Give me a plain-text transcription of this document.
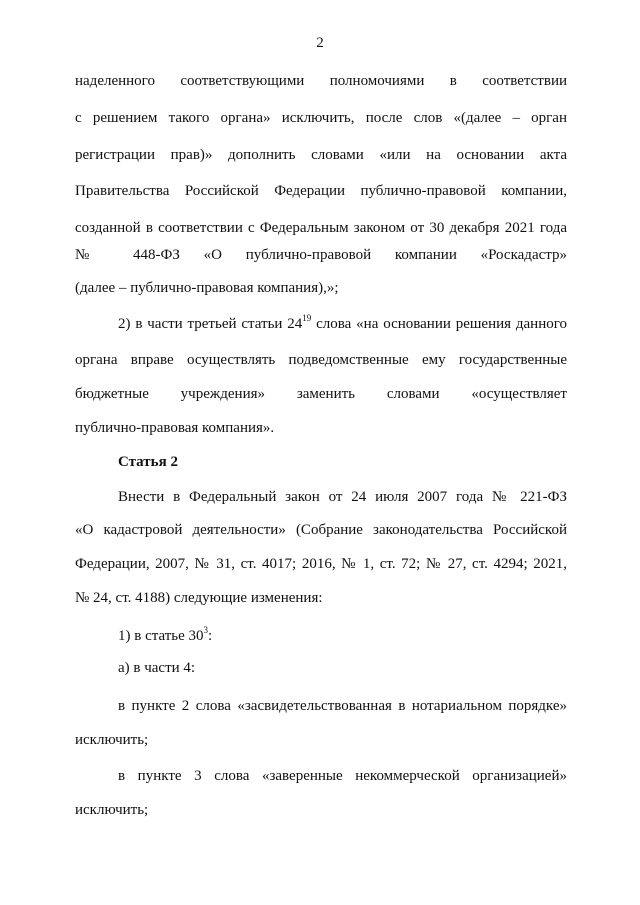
2
наделенного соответствующими полномочиями в соответствии
с решением такого органа» исключить, после слов «(далее – орган
регистрации прав)» дополнить словами «или на основании акта
Правительства Российской Федерации публично-правовой компании,
созданной в соответствии с Федеральным законом от 30 декабря 2021 года
№ 448-ФЗ «О публично-правовой компании «Роскадастр»
(далее – публично-правовая компания),»;
2) в части третьей статьи $24^{19}$ слова «на основании решения данного
органа вправе осуществлять подведомственные ему государственные
бюджетные учреждения» заменить словами «осуществляет
публично-правовая компания».
Статья 2
Внести в Федеральный закон от 24 июля 2007 года № 221-ФЗ
«О кадастровой деятельности» (Собрание законодательства Российской
Федерации, 2007, № 31, ст. 4017; 2016, № 1, ст. 72; № 27, ст. 4294; 2021,
№ 24, ст. 4188) следующие изменения:
1) в статье $30^3$:
а) в части 4:
в пункте 2 слова «засвидетельствованная в нотариальном порядке»
исключить;
в пункте 3 слова «заверенные некоммерческой организацией»
исключить;
